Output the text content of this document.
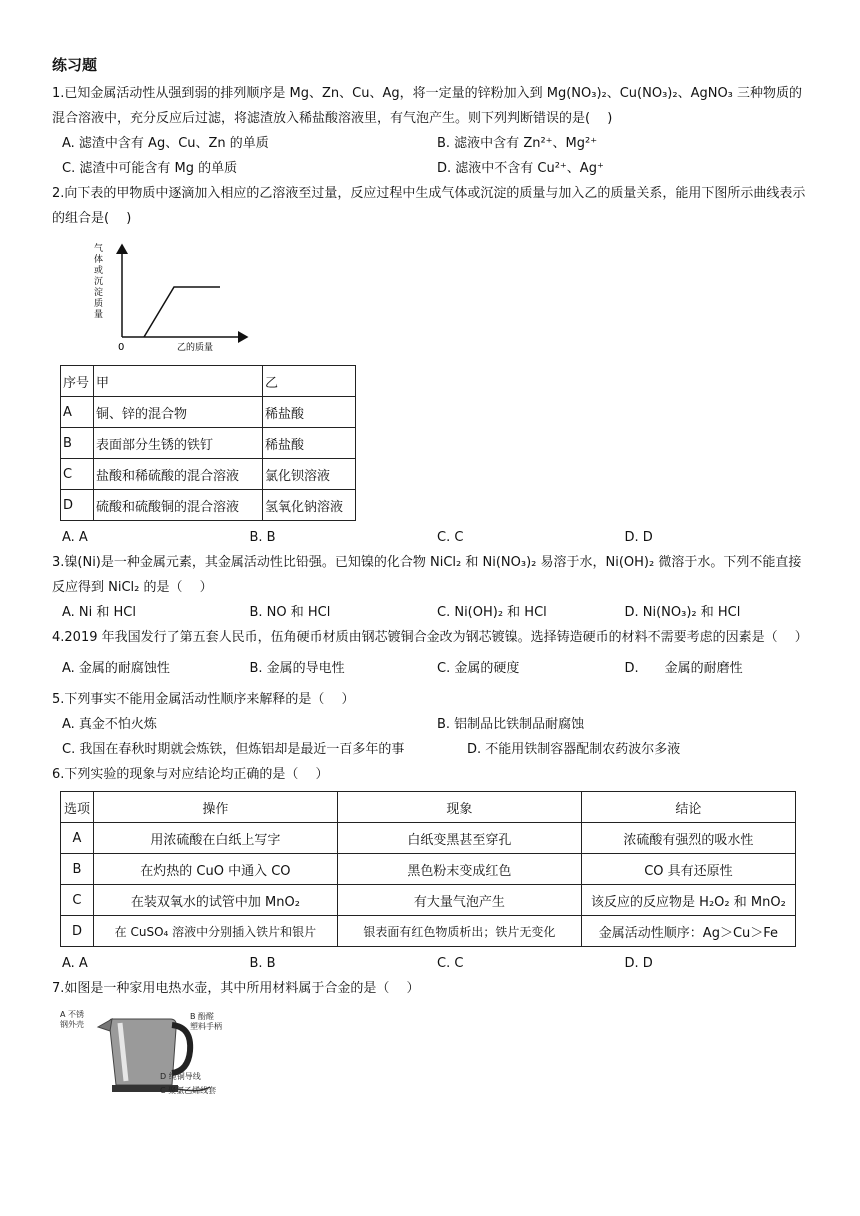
练习题
1.已知金属活动性从强到弱的排列顺序是 Mg、Zn、Cu、Ag，将一定量的锌粉加入到 Mg(NO₃)₂、Cu(NO₃)₂、AgNO₃ 三种物质的混合溶液中，充分反应后过滤，将滤渣放入稀盐酸溶液里，有气泡产生。则下列判断错误的是(　 )
A. 滤渣中含有 Ag、Cu、Zn 的单质	B. 滤液中含有 Zn²⁺、Mg²⁺
C. 滤渣中可能含有 Mg 的单质	D. 滤液中不含有 Cu²⁺、Ag⁺
2.向下表的甲物质中逐滴加入相应的乙溶液至过量，反应过程中生成气体或沉淀的质量与加入乙的质量关系，能用下图所示曲线表示的组合是(　 )
0	乙的质量
气体或沉淀质量
序号	甲	乙
A	铜、锌的混合物	稀盐酸
B	表面部分生锈的铁钉	稀盐酸
C	盐酸和稀硫酸的混合溶液	氯化钡溶液
D	硫酸和硫酸铜的混合溶液	氢氧化钠溶液
A. A	B. B	C. C	D. D
3.镍(Ni)是一种金属元素，其金属活动性比铅强。已知镍的化合物 NiCl₂ 和 Ni(NO₃)₂ 易溶于水，Ni(OH)₂ 微溶于水。下列不能直接反应得到 NiCl₂ 的是（　 ）
A. Ni 和 HCl	B. NO 和 HCl	C. Ni(OH)₂ 和 HCl	D. Ni(NO₃)₂ 和 HCl
4.2019 年我国发行了第五套人民币，伍角硬币材质由钢芯镀铜合金改为钢芯镀镍。选择铸造硬币的材料不需要考虑的因素是（　 ）
A. 金属的耐腐蚀性	B. 金属的导电性	C. 金属的硬度	D.　　金属的耐磨性
5.下列事实不能用金属活动性顺序来解释的是（　 ）
A. 真金不怕火炼	B. 铝制品比铁制品耐腐蚀
C. 我国在春秋时期就会炼铁，但炼铝却是最近一百多年的事	D. 不能用铁制容器配制农药波尔多液
6.下列实验的现象与对应结论均正确的是（　 ）
选项	操作	现象	结论
A	用浓硫酸在白纸上写字	白纸变黑甚至穿孔	浓硫酸有强烈的吸水性
B	在灼热的 CuO 中通入 CO	黑色粉末变成红色	CO 具有还原性
C	在装双氧水的试管中加 MnO₂	有大量气泡产生	该反应的反应物是 H₂O₂ 和 MnO₂
D	在 CuSO₄ 溶液中分别插入铁片和银片	银表面有红色物质析出；铁片无变化	金属活动性顺序：Ag＞Cu＞Fe
A. A	B. B	C. C	D. D
7.如图是一种家用电热水壶，其中所用材料属于合金的是（　 ）
A 不锈钢外壳
B 酚醛塑料手柄
D 纯铜导线
C 聚氯乙烯线套
